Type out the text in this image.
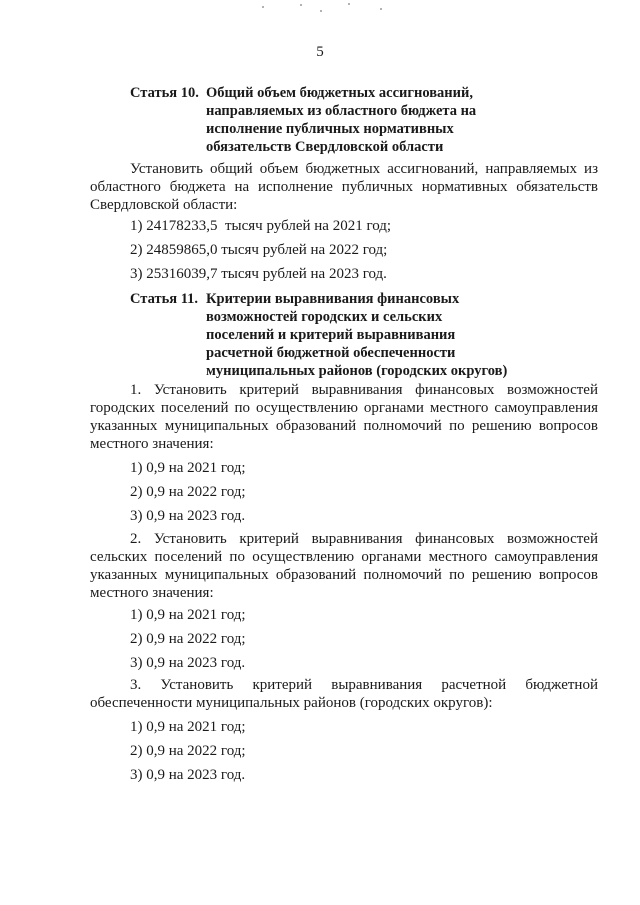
5
Статья 10. Общий объем бюджетных ассигнований,
направляемых из областного бюджета на
исполнение публичных нормативных
обязательств Свердловской области
Установить общий объем бюджетных ассигнований, направляемых из областного бюджета на исполнение публичных нормативных обязательств Свердловской области:
1) 24178233,5  тысяч рублей на 2021 год;
2) 24859865,0 тысяч рублей на 2022 год;
3) 25316039,7 тысяч рублей на 2023 год.
Статья 11. Критерии выравнивания финансовых
возможностей городских и сельских
поселений и критерий выравнивания
расчетной бюджетной обеспеченности
муниципальных районов (городских округов)
1. Установить критерий выравнивания финансовых возможностей городских поселений по осуществлению органами местного самоуправления указанных муниципальных образований полномочий по решению вопросов местного значения:
1) 0,9 на 2021 год;
2) 0,9 на 2022 год;
3) 0,9 на 2023 год.
2. Установить критерий выравнивания финансовых возможностей сельских поселений по осуществлению органами местного самоуправления указанных муниципальных образований полномочий по решению вопросов местного значения:
1) 0,9 на 2021 год;
2) 0,9 на 2022 год;
3) 0,9 на 2023 год.
3. Установить критерий выравнивания расчетной бюджетной обеспеченности муниципальных районов (городских округов):
1) 0,9 на 2021 год;
2) 0,9 на 2022 год;
3) 0,9 на 2023 год.
